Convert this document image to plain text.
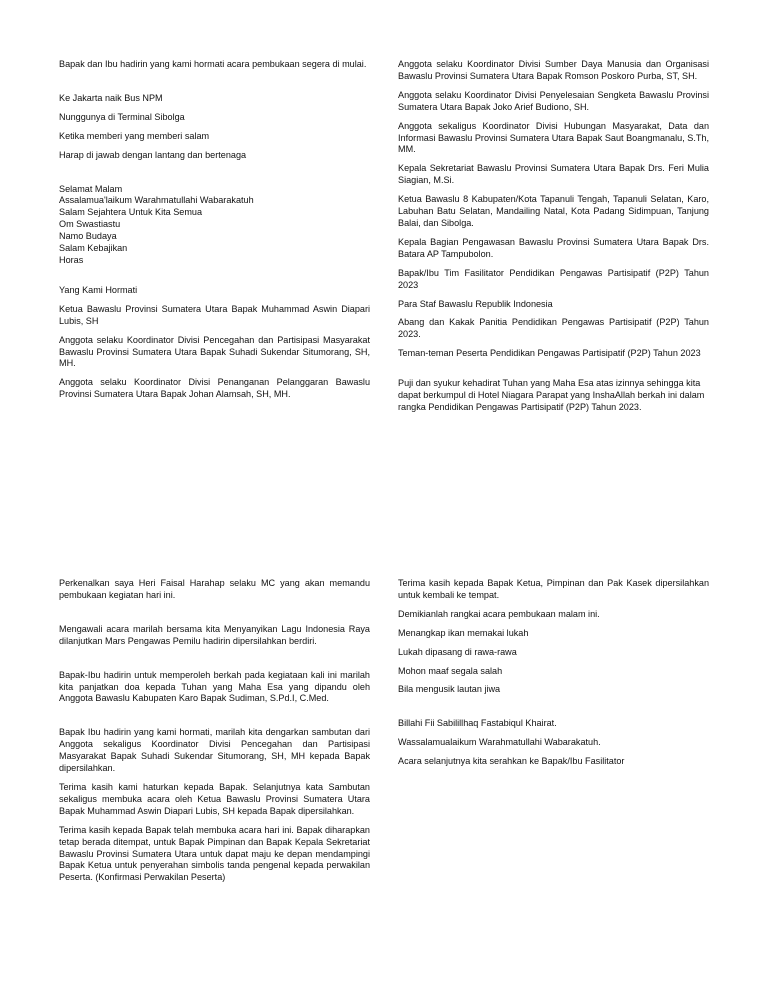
Bapak dan Ibu hadirin yang kami hormati acara pembukaan segera di mulai.

Ke Jakarta naik Bus NPM

Nunggunya di Terminal Sibolga

Ketika memberi yang memberi salam

Harap di jawab dengan lantang dan bertenaga

Selamat Malam
Assalamua'laikum Warahmatullahi Wabarakatuh
Salam Sejahtera Untuk Kita Semua
Om Swastiastu
Namo Budaya
Salam Kebajikan
Horas

Yang Kami Hormati

Ketua Bawaslu Provinsi Sumatera Utara Bapak Muhammad Aswin Diapari Lubis, SH

Anggota selaku Koordinator Divisi Pencegahan dan Partisipasi Masyarakat Bawaslu Provinsi Sumatera Utara Bapak Suhadi Sukendar Situmorang, SH, MH.

Anggota selaku Koordinator Divisi Penanganan Pelanggaran Bawaslu Provinsi Sumatera Utara Bapak Johan Alamsah, SH, MH.

Anggota selaku Koordinator Divisi Sumber Daya Manusia dan Organisasi Bawaslu Provinsi Sumatera Utara Bapak Romson Poskoro Purba, ST, SH.

Anggota selaku Koordinator Divisi Penyelesaian Sengketa Bawaslu Provinsi Sumatera Utara Bapak Joko Arief Budiono, SH.

Anggota sekaligus Koordinator Divisi Hubungan Masyarakat, Data dan Informasi Bawaslu Provinsi Sumatera Utara Bapak Saut Boangmanalu, S.Th, MM.

Kepala Sekretariat Bawaslu Provinsi Sumatera Utara Bapak Drs. Feri Mulia Siagian, M.Si.

Ketua Bawaslu 8 Kabupaten/Kota Tapanuli Tengah, Tapanuli Selatan, Karo, Labuhan Batu Selatan, Mandailing Natal, Kota Padang Sidimpuan, Tanjung Balai, dan Sibolga.

Kepala Bagian Pengawasan Bawaslu Provinsi Sumatera Utara Bapak Drs. Batara AP Tampubolon.

Bapak/Ibu Tim Fasilitator Pendidikan Pengawas Partisipatif (P2P) Tahun 2023

Para Staf Bawaslu Republik Indonesia

Abang dan Kakak Panitia Pendidikan Pengawas Partisipatif (P2P) Tahun 2023.

Teman-teman Peserta Pendidikan Pengawas Partisipatif (P2P) Tahun 2023

Puji dan syukur kehadirat Tuhan yang Maha Esa atas izinnya sehingga kita dapat berkumpul di Hotel Niagara Parapat yang InshaAllah berkah ini dalam rangka Pendidikan Pengawas Partisipatif (P2P) Tahun 2023.

Perkenalkan saya Heri Faisal Harahap selaku MC yang akan memandu pembukaan kegiatan hari ini.

Mengawali acara marilah bersama kita Menyanyikan Lagu Indonesia Raya dilanjutkan Mars Pengawas Pemilu hadirin dipersilahkan berdiri.

Bapak-Ibu hadirin untuk memperoleh berkah pada kegiataan kali ini marilah kita panjatkan doa kepada Tuhan yang Maha Esa yang dipandu oleh Anggota Bawaslu Kabupaten Karo Bapak Sudiman, S.Pd.I, C.Med.

Bapak Ibu hadirin yang kami hormati, marilah kita dengarkan sambutan dari Anggota sekaligus Koordinator Divisi Pencegahan dan Partisipasi Masyarakat Bapak Suhadi Sukendar Situmorang, SH, MH kepada Bapak dipersilahkan.

Terima kasih kami haturkan kepada Bapak. Selanjutnya kata Sambutan sekaligus membuka acara oleh Ketua Bawaslu Provinsi Sumatera Utara Bapak Muhammad Aswin Diapari Lubis, SH kepada Bapak dipersilahkan.

Terima kasih kepada Bapak telah membuka acara hari ini. Bapak diharapkan tetap berada ditempat, untuk Bapak Pimpinan dan Bapak Kepala Sekretariat Bawaslu Provinsi Sumatera Utara untuk dapat maju ke depan mendampingi Bapak Ketua untuk penyerahan simbolis tanda pengenal kepada perwakilan Peserta. (Konfirmasi Perwakilan Peserta)

Terima kasih kepada Bapak Ketua, Pimpinan dan Pak Kasek dipersilahkan untuk kembali ke tempat.

Demikianlah rangkai acara pembukaan malam ini.

Menangkap ikan memakai lukah

Lukah dipasang di rawa-rawa

Mohon maaf segala salah

Bila mengusik lautan jiwa

Billahi Fii Sabilillhaq Fastabiqul Khairat.

Wassalamualaikum Warahmatullahi Wabarakatuh.

Acara selanjutnya kita serahkan ke Bapak/Ibu Fasilitator
